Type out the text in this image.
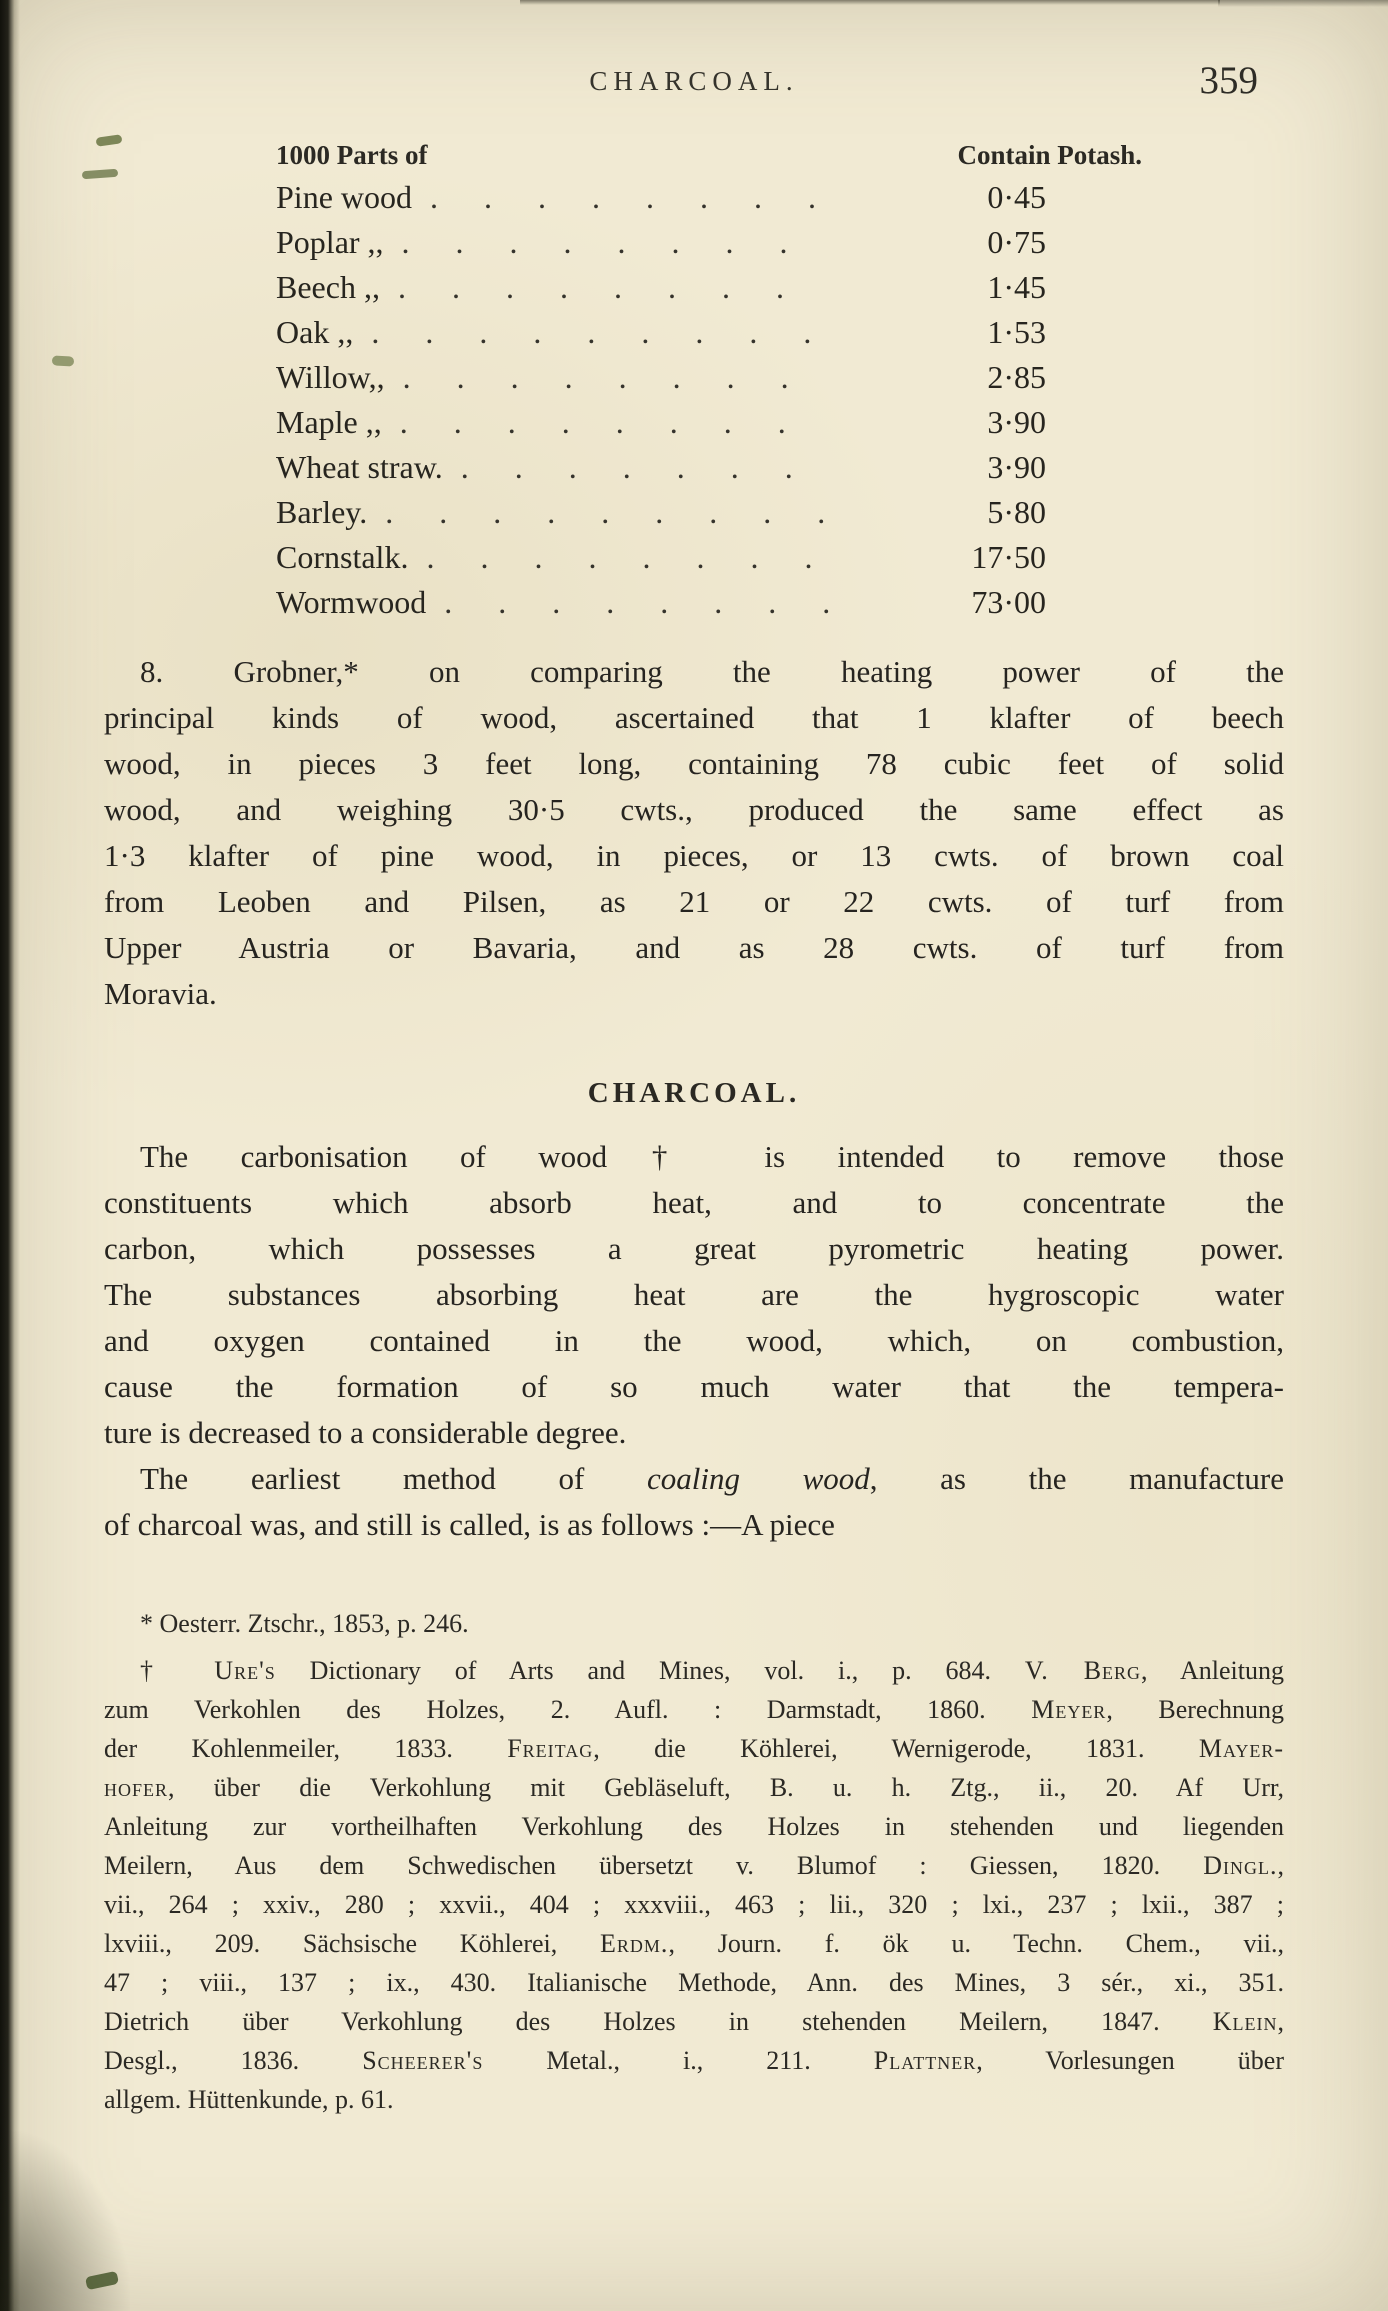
CHARCOAL.	359
1000 Parts of	Contain Potash.
Pine wood . . . . . . . .	0·45
Poplar ,, . . . . . . . .	0·75
Beech ,, . . . . . . . .	1·45
Oak ,, . . . . . . . . .	1·53
Willow,, . . . . . . . .	2·85
Maple ,, . . . . . . . .	3·90
Wheat straw. . . . . . . .	3·90
Barley. . . . . . . . . .	5·80
Cornstalk. . . . . . . . .	17·50
Wormwood . . . . . . . .	73·00
8. Grobner,* on comparing the heating power of the
principal kinds of wood, ascertained that 1 klafter of beech
wood, in pieces 3 feet long, containing 78 cubic feet of solid
wood, and weighing 30·5 cwts., produced the same effect as
1·3 klafter of pine wood, in pieces, or 13 cwts. of brown coal
from Leoben and Pilsen, as 21 or 22 cwts. of turf from
Upper Austria or Bavaria, and as 28 cwts. of turf from
Moravia.
CHARCOAL.
The carbonisation of wood† is intended to remove those
constituents which absorb heat, and to concentrate the
carbon, which possesses a great pyrometric heating power.
The substances absorbing heat are the hygroscopic water
and oxygen contained in the wood, which, on combustion,
cause the formation of so much water that the tempera-
ture is decreased to a considerable degree.
The earliest method of coaling wood, as the manufacture
of charcoal was, and still is called, is as follows :—A piece
* Oesterr. Ztschr., 1853, p. 246.
† Ure's Dictionary of Arts and Mines, vol. i., p. 684. V. Berg, Anleitung
zum Verkohlen des Holzes, 2. Aufl. : Darmstadt, 1860. Meyer, Berechnung
der Kohlenmeiler, 1833. Freitag, die Köhlerei, Wernigerode, 1831. Mayer-
hofer, über die Verkohlung mit Gebläseluft, B. u. h. Ztg., ii., 20. Af Urr,
Anleitung zur vortheilhaften Verkohlung des Holzes in stehenden und liegenden
Meilern, Aus dem Schwedischen übersetzt v. Blumof : Giessen, 1820. Dingl.,
vii., 264 ; xxiv., 280 ; xxvii., 404 ; xxxviii., 463 ; lii., 320 ; lxi., 237 ; lxii., 387 ;
lxviii., 209. Sächsische Köhlerei, Erdm., Journ. f. ök u. Techn. Chem., vii.,
47 ; viii., 137 ; ix., 430. Italianische Methode, Ann. des Mines, 3 sér., xi., 351.
Dietrich über Verkohlung des Holzes in stehenden Meilern, 1847. Klein,
Desgl., 1836. Scheerer's Metal., i., 211. Plattner, Vorlesungen über
allgem. Hüttenkunde, p. 61.
